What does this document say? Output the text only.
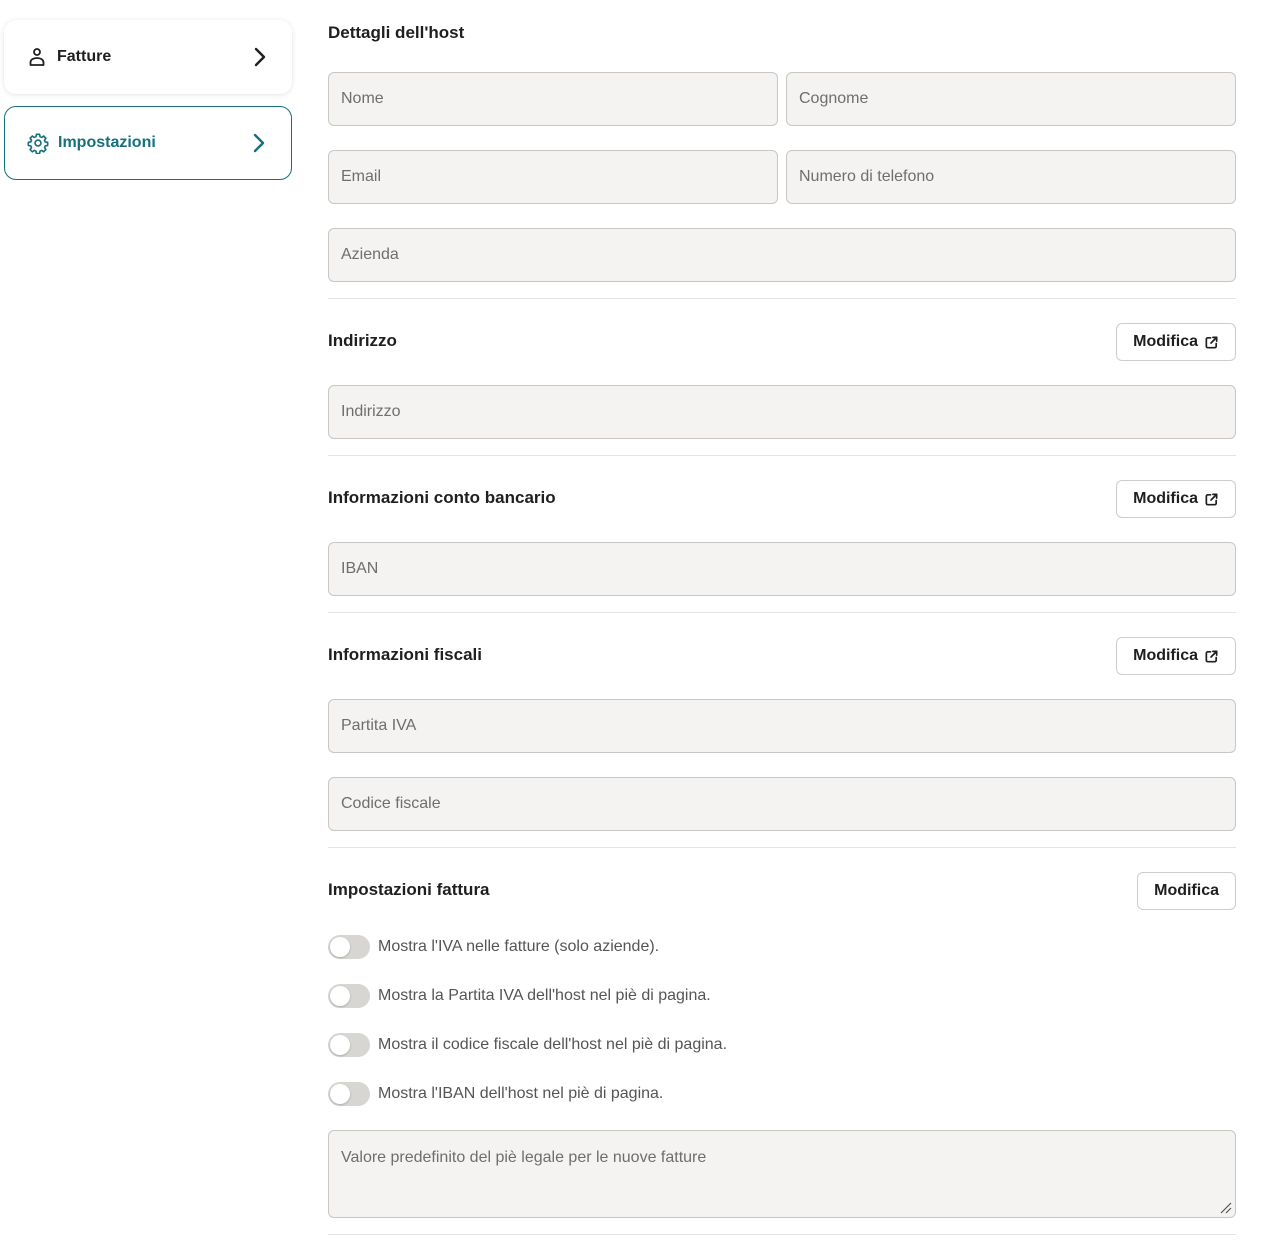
Fatture
Impostazioni
Dettagli dell'host
Nome
Cognome
Email
Numero di telefono
Azienda
Indirizzo	Modifica
Indirizzo
Informazioni conto bancario	Modifica
IBAN
Informazioni fiscali	Modifica
Partita IVA
Codice fiscale
Impostazioni fattura	Modifica
Mostra l'IVA nelle fatture (solo aziende).
Mostra la Partita IVA dell'host nel piè di pagina.
Mostra il codice fiscale dell'host nel piè di pagina.
Mostra l'IBAN dell'host nel piè di pagina.
Valore predefinito del piè legale per le nuove fatture
